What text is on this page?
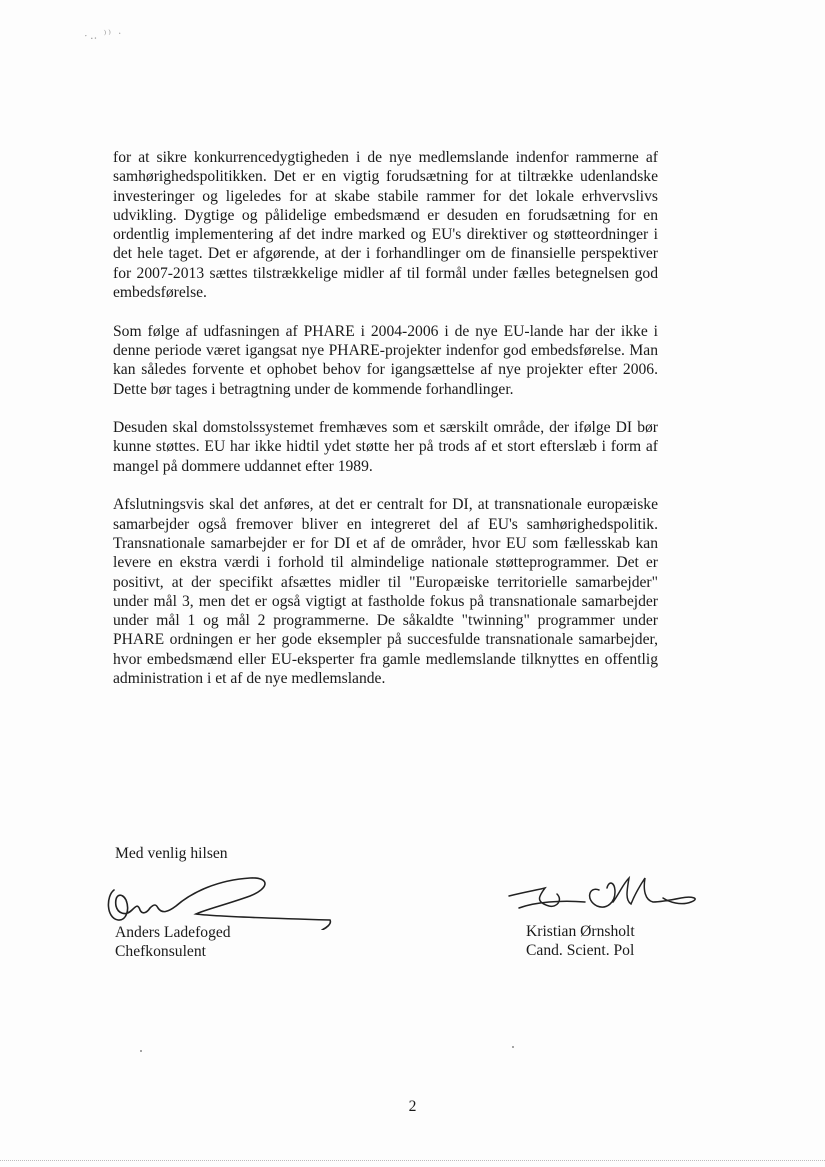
·‥ ⁾⁾ ·

for at sikre konkurrencedygtigheden i de nye medlemslande indenfor rammerne af samhørighedspolitikken. Det er en vigtig forudsætning for at tiltrække udenlandske investeringer og ligeledes for at skabe stabile rammer for det lokale erhvervslivs udvikling. Dygtige og pålidelige embedsmænd er desuden en forudsætning for en ordentlig implementering af det indre marked og EU's direktiver og støtteordninger i det hele taget. Det er afgørende, at der i forhandlinger om de finansielle perspektiver for 2007-2013 sættes tilstrækkelige midler af til formål under fælles betegnelsen god embedsførelse.

Som følge af udfasningen af PHARE i 2004-2006 i de nye EU-lande har der ikke i denne periode været igangsat nye PHARE-projekter indenfor god embedsførelse. Man kan således forvente et ophobet behov for igangsættelse af nye projekter efter 2006. Dette bør tages i betragtning under de kommende forhandlinger.

Desuden skal domstolssystemet fremhæves som et særskilt område, der ifølge DI bør kunne støttes. EU har ikke hidtil ydet støtte her på trods af et stort efterslæb i form af mangel på dommere uddannet efter 1989.

Afslutningsvis skal det anføres, at det er centralt for DI, at transnationale europæiske samarbejder også fremover bliver en integreret del af EU's samhørighedspolitik. Transnationale samarbejder er for DI et af de områder, hvor EU som fællesskab kan levere en ekstra værdi i forhold til almindelige nationale støtteprogrammer. Det er positivt, at der specifikt afsættes midler til "Europæiske territorielle samarbejder" under mål 3, men det er også vigtigt at fastholde fokus på transnationale samarbejder under mål 1 og mål 2 programmerne. De såkaldte "twinning" programmer under PHARE ordningen er her gode eksempler på succesfulde transnationale samarbejder, hvor embedsmænd eller EU-eksperter fra gamle medlemslande tilknyttes en offentlig administration i et af de nye medlemslande.

Med venlig hilsen
Anders Ladefoged
Chefkonsulent
Kristian Ørnsholt
Cand. Scient. Pol
2
